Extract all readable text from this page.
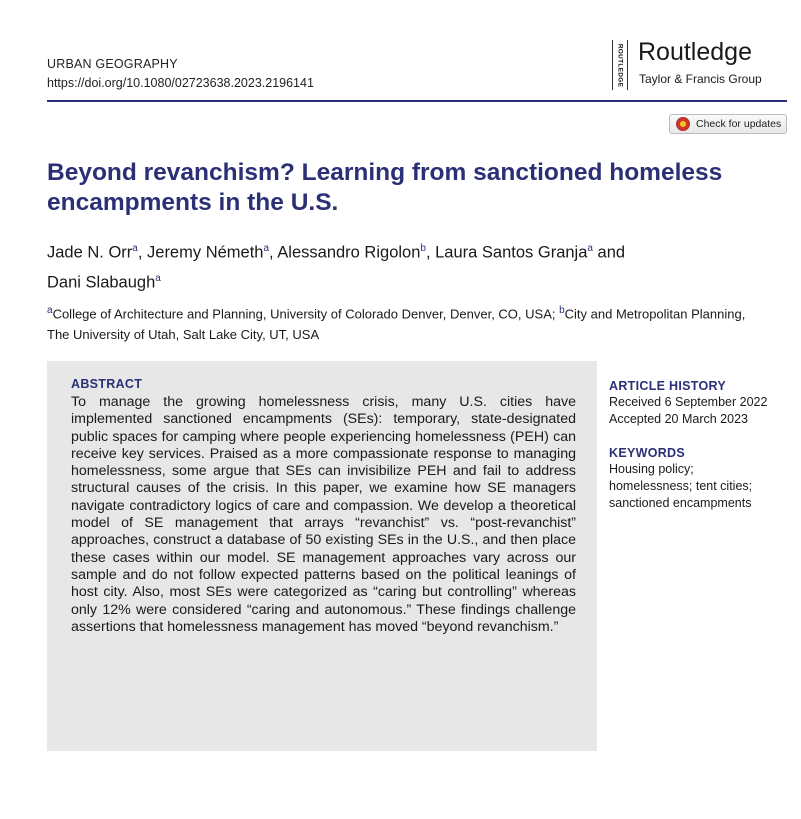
URBAN GEOGRAPHY
https://doi.org/10.1080/02723638.2023.2196141	ROUTLEDGE Routledge
Taylor & Francis Group
Check for updates
Beyond revanchism? Learning from sanctioned homeless encampments in the U.S.
Jade N. Orr$^a$, Jeremy Németh$^a$, Alessandro Rigolon$^b$, Laura Santos Granja$^a$ and
Dani Slabaugh$^a$
$^a$College of Architecture and Planning, University of Colorado Denver, Denver, CO, USA; $^b$City and Metropolitan Planning, The University of Utah, Salt Lake City, UT, USA
ABSTRACT
To manage the growing homelessness crisis, many U.S. cities have implemented sanctioned encampments (SEs): temporary, state-designated public spaces for camping where people experiencing homelessness (PEH) can receive key services. Praised as a more compassionate response to managing homelessness, some argue that SEs can invisibilize PEH and fail to address structural causes of the crisis. In this paper, we examine how SE managers navigate contradictory logics of care and compassion. We develop a theoretical model of SE management that arrays “revanchist” vs. “post-revanchist” approaches, construct a database of 50 existing SEs in the U.S., and then place these cases within our model. SE management approaches vary across our sample and do not follow expected patterns based on the political leanings of host city. Also, most SEs were categorized as “caring but controlling” whereas only 12% were considered “caring and autonomous.” These findings challenge assertions that homelessness management has moved “beyond revanchism.”
ARTICLE HISTORY
Received 6 September 2022
Accepted 20 March 2023
KEYWORDS
Housing policy;
homelessness; tent cities;
sanctioned encampments
